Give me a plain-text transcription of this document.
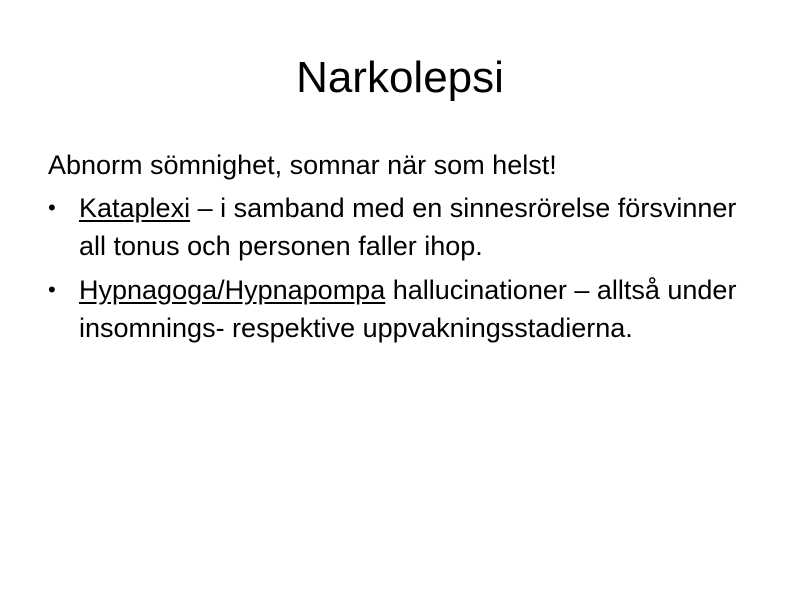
Narkolepsi

Abnorm sömnighet, somnar när som helst!

• Kataplexi – i samband med en sinnesrörelse försvinner all tonus och personen faller ihop.
• Hypnagoga/Hypnapompa hallucinationer – alltså under insomnings- respektive uppvakningsstadierna.
